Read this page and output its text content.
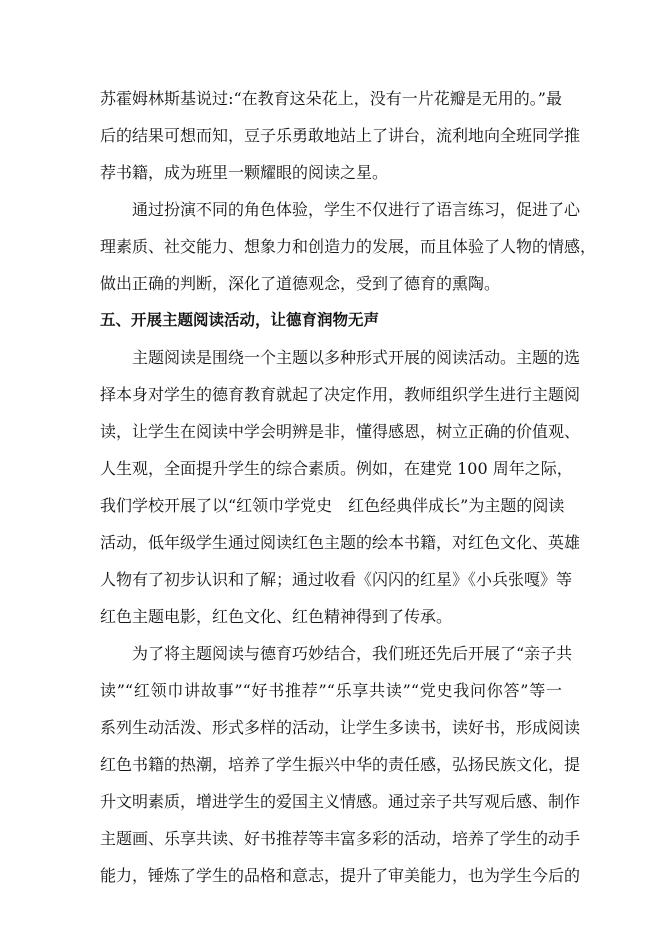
苏霍姆林斯基说过:“在教育这朵花上，没有一片花瓣是无用的。”最
后的结果可想而知，豆子乐勇敢地站上了讲台，流利地向全班同学推
荐书籍，成为班里一颗耀眼的阅读之星。
通过扮演不同的角色体验，学生不仅进行了语言练习，促进了心
理素质、社交能力、想象力和创造力的发展，而且体验了人物的情感，
做出正确的判断，深化了道德观念，受到了德育的熏陶。
五、开展主题阅读活动，让德育润物无声
主题阅读是围绕一个主题以多种形式开展的阅读活动。主题的选
择本身对学生的德育教育就起了决定作用，教师组织学生进行主题阅
读，让学生在阅读中学会明辨是非，懂得感恩，树立正确的价值观、
人生观，全面提升学生的综合素质。例如，在建党 100 周年之际，
我们学校开展了以“红领巾学党史　红色经典伴成长”为主题的阅读
活动，低年级学生通过阅读红色主题的绘本书籍，对红色文化、英雄
人物有了初步认识和了解；通过收看《闪闪的红星》《小兵张嘎》等
红色主题电影，红色文化、红色精神得到了传承。
为了将主题阅读与德育巧妙结合，我们班还先后开展了“亲子共
读”“红领巾讲故事”“好书推荐”“乐享共读”“党史我问你答”等一
系列生动活泼、形式多样的活动，让学生多读书，读好书，形成阅读
红色书籍的热潮，培养了学生振兴中华的责任感，弘扬民族文化，提
升文明素质，增进学生的爱国主义情感。通过亲子共写观后感、制作
主题画、乐享共读、好书推荐等丰富多彩的活动，培养了学生的动手
能力，锤炼了学生的品格和意志，提升了审美能力，也为学生今后的
